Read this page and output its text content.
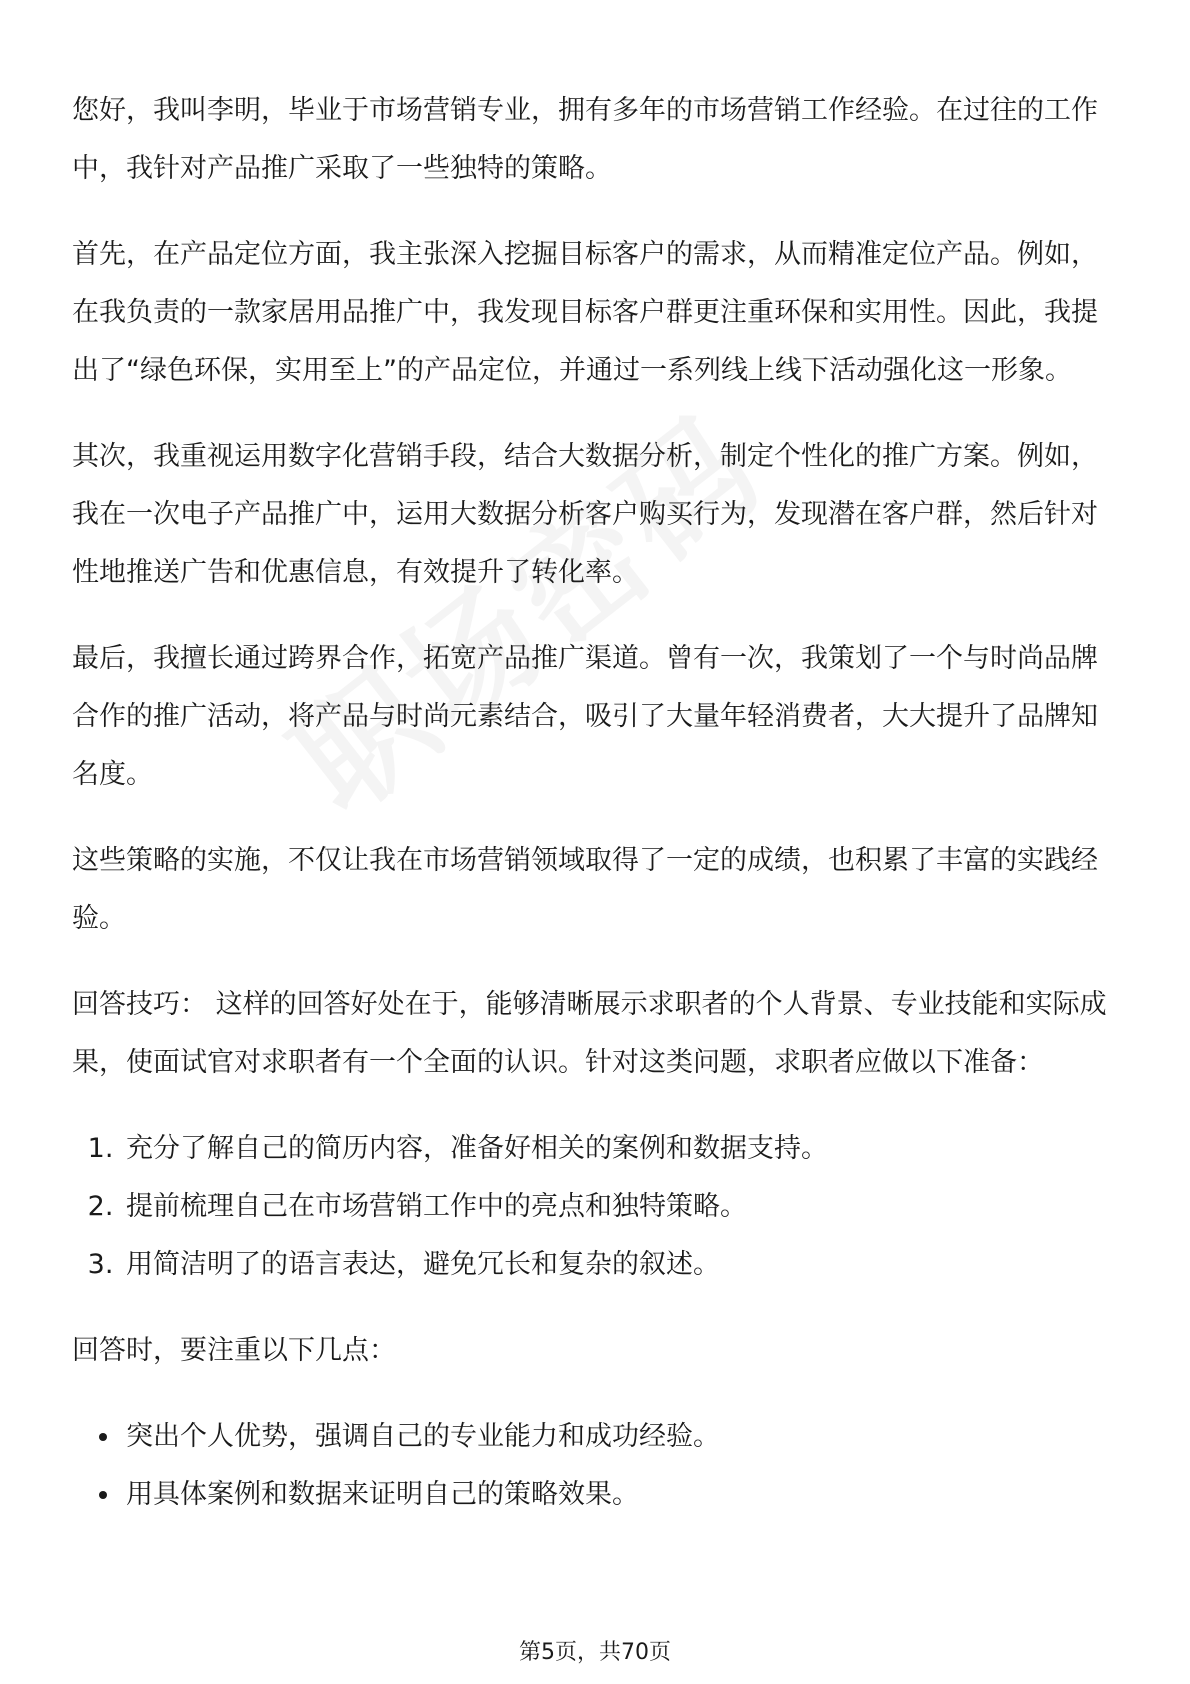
您好，我叫李明，毕业于市场营销专业，拥有多年的市场营销工作经验。在过往的工作中，我针对产品推广采取了一些独特的策略。

首先，在产品定位方面，我主张深入挖掘目标客户的需求，从而精准定位产品。例如，在我负责的一款家居用品推广中，我发现目标客户群更注重环保和实用性。因此，我提出了“绿色环保，实用至上”的产品定位，并通过一系列线上线下活动强化这一形象。

其次，我重视运用数字化营销手段，结合大数据分析，制定个性化的推广方案。例如，我在一次电子产品推广中，运用大数据分析客户购买行为，发现潜在客户群，然后针对性地推送广告和优惠信息，有效提升了转化率。

最后，我擅长通过跨界合作，拓宽产品推广渠道。曾有一次，我策划了一个与时尚品牌合作的推广活动，将产品与时尚元素结合，吸引了大量年轻消费者，大大提升了品牌知名度。

这些策略的实施，不仅让我在市场营销领域取得了一定的成绩，也积累了丰富的实践经验。

回答技巧： 这样的回答好处在于，能够清晰展示求职者的个人背景、专业技能和实际成果，使面试官对求职者有一个全面的认识。针对这类问题，求职者应做以下准备：

1. 充分了解自己的简历内容，准备好相关的案例和数据支持。
2. 提前梳理自己在市场营销工作中的亮点和独特策略。
3. 用简洁明了的语言表达，避免冗长和复杂的叙述。

回答时，要注重以下几点：

• 突出个人优势，强调自己的专业能力和成功经验。
• 用具体案例和数据来证明自己的策略效果。
第5页，共70页
